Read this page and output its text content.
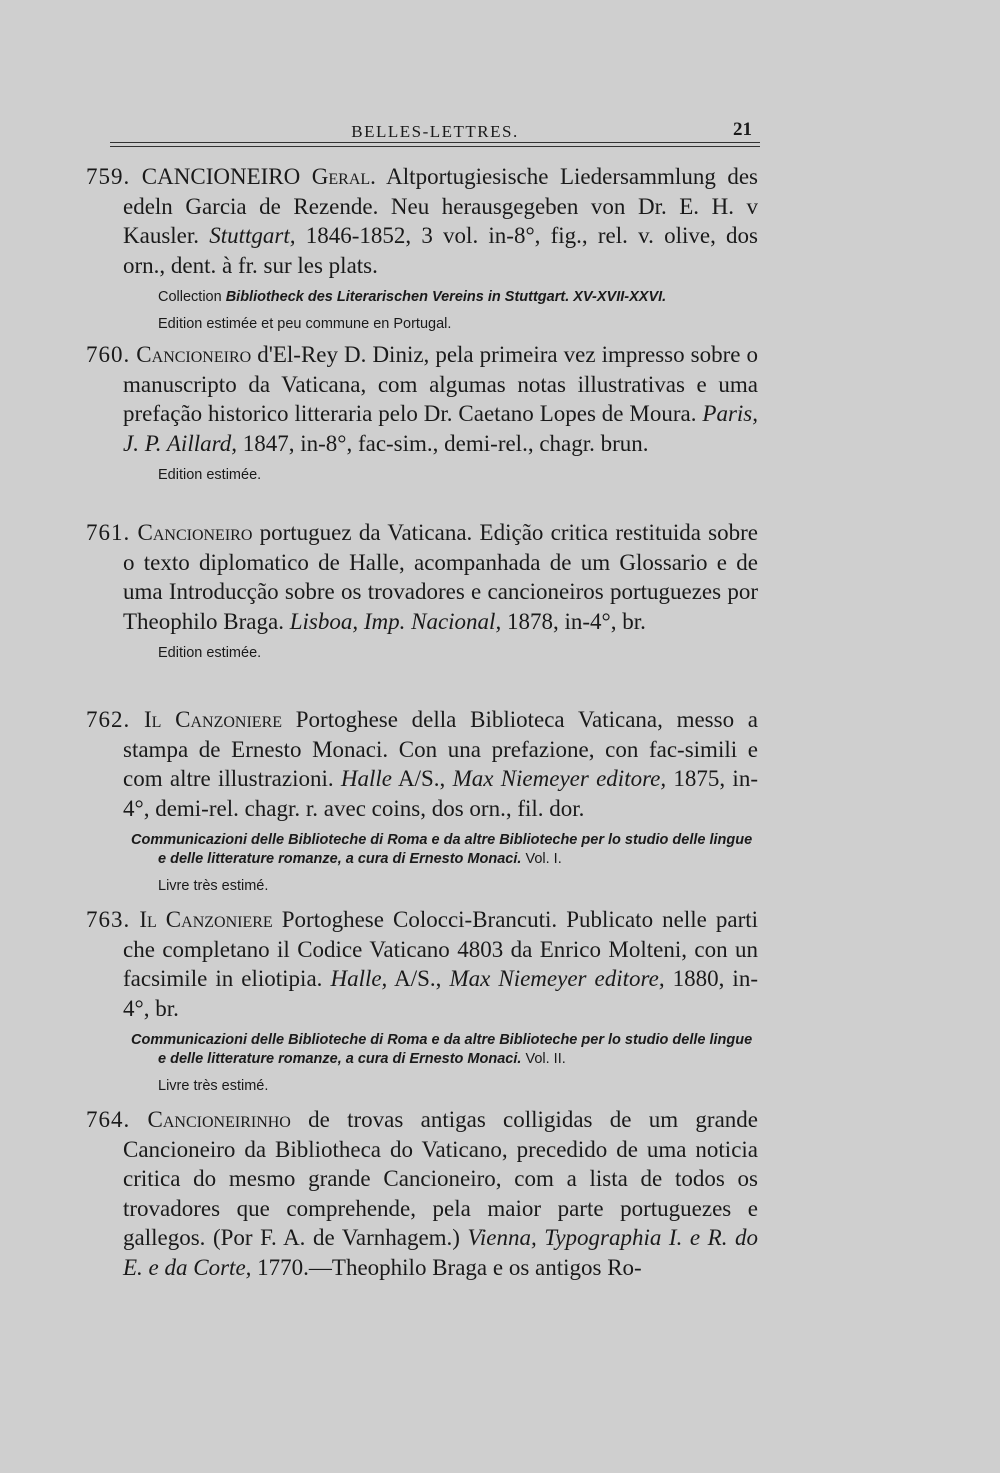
BELLES-LETTRES.	21
759. CANCIONEIRO Geral. Altportugiesische Liedersammlung des edeln Garcia de Rezende. Neu herausgegeben von Dr. E. H. v Kausler. Stuttgart, 1846-1852, 3 vol. in-8°, fig., rel. v. olive, dos orn., dent. à fr. sur les plats.
Collection Bibliotheck des Literarischen Vereins in Stuttgart. XV-XVII-XXVI.
Edition estimée et peu commune en Portugal.
760. Cancioneiro d'El-Rey D. Diniz, pela primeira vez impresso sobre o manuscripto da Vaticana, com algumas notas illustrativas e uma prefação historico litteraria pelo Dr. Caetano Lopes de Moura. Paris, J. P. Aillard, 1847, in-8°, fac-sim., demi-rel., chagr. brun.
Edition estimée.
761. Cancioneiro portuguez da Vaticana. Edição critica restituida sobre o texto diplomatico de Halle, acompanhada de um Glossario e de uma Introducção sobre os trovadores e cancioneiros portuguezes por Theophilo Braga. Lisboa, Imp. Nacional, 1878, in-4°, br.
Edition estimée.
762. Il Canzoniere Portoghese della Biblioteca Vaticana, messo a stampa de Ernesto Monaci. Con una prefazione, con fac-simili e com altre illustrazioni. Halle A/S., Max Niemeyer editore, 1875, in-4°, demi-rel. chagr. r. avec coins, dos orn., fil. dor.
Communicazioni delle Biblioteche di Roma e da altre Biblioteche per lo studio delle lingue e delle litterature romanze, a cura di Ernesto Monaci. Vol. I.
Livre très estimé.
763. Il Canzoniere Portoghese Colocci-Brancuti. Publicato nelle parti che completano il Codice Vaticano 4803 da Enrico Molteni, con un facsimile in eliotipia. Halle, A/S., Max Niemeyer editore, 1880, in-4°, br.
Communicazioni delle Biblioteche di Roma e da altre Biblioteche per lo studio delle lingue e delle litterature romanze, a cura di Ernesto Monaci. Vol. II.
Livre très estimé.
764. Cancioneirinho de trovas antigas colligidas de um grande Cancioneiro da Bibliotheca do Vaticano, precedido de uma noticia critica do mesmo grande Cancioneiro, com a lista de todos os trovadores que comprehende, pela maior parte portuguezes e gallegos. (Por F. A. de Varnhagem.) Vienna, Typographia I. e R. do E. e da Corte, 1770.—Theophilo Braga e os antigos Ro-
